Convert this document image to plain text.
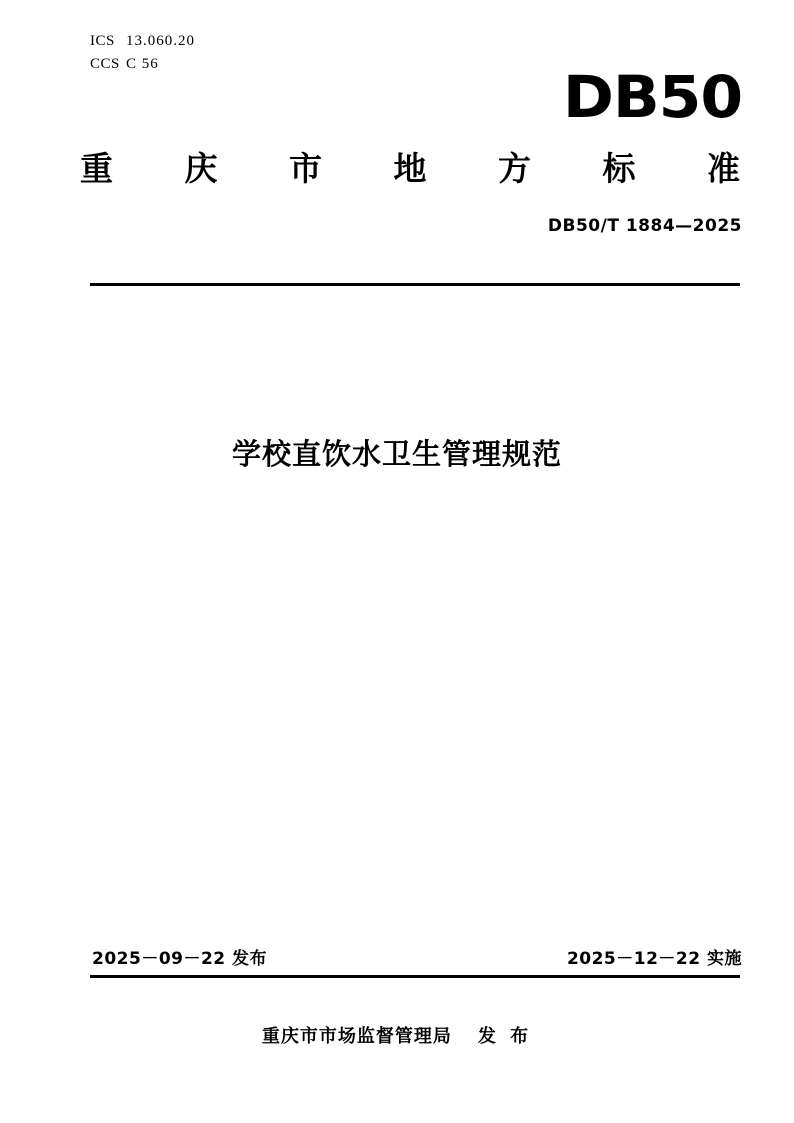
ICS 13.060.20
CCS C 56	DB50
重 庆 市 地 方 标 准
DB50/T 1884—2025
学校直饮水卫生管理规范
2025－09－22 发布	2025－12－22 实施
重庆市市场监督管理局 发 布
